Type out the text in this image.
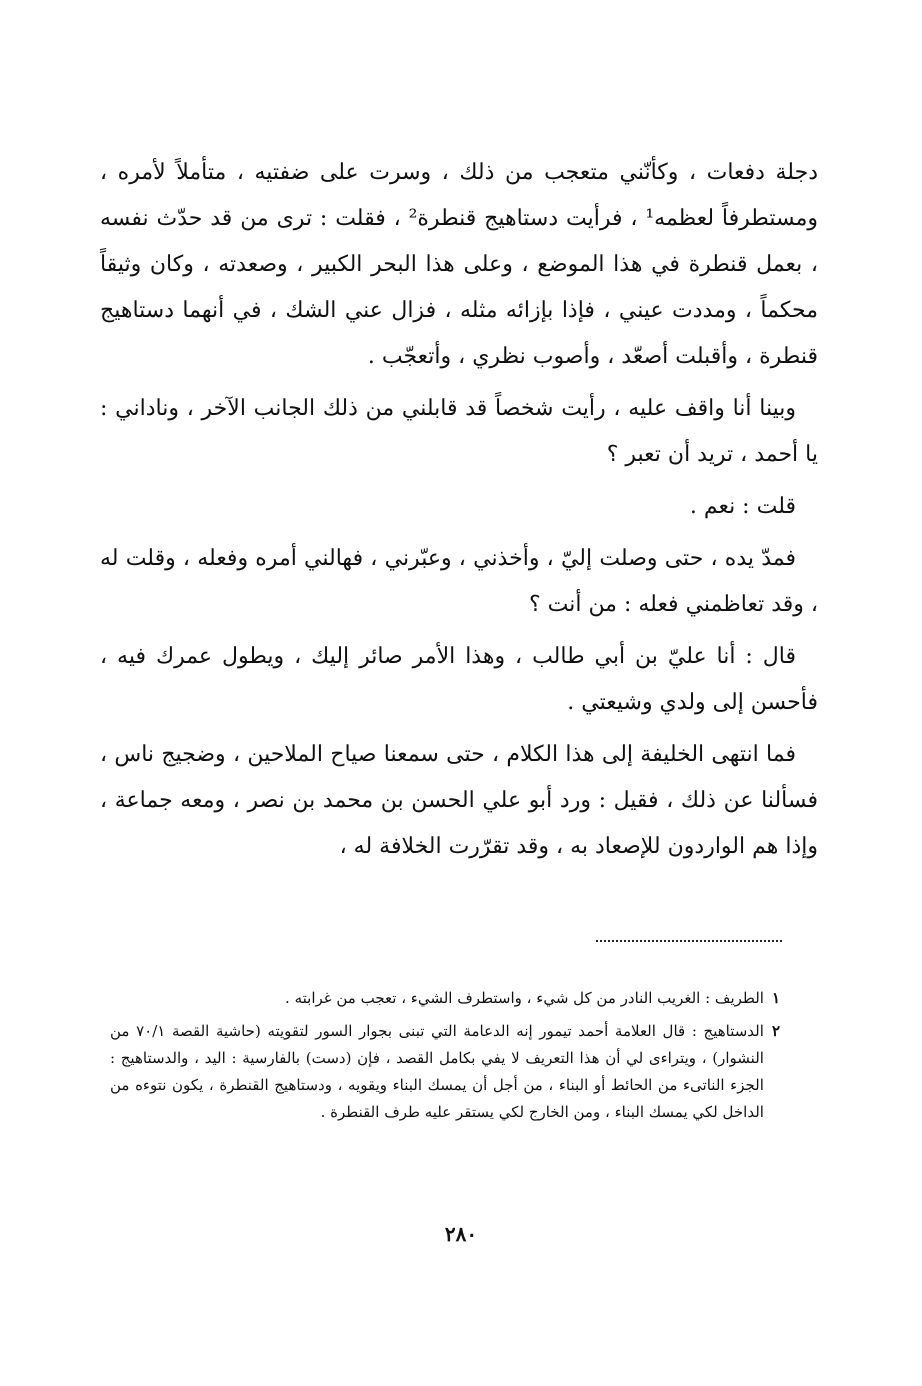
دجلة دفعات ، وكأنّني متعجب من ذلك ، وسرت على ضفتيه ، متأملاً لأمره ، ومستطرفاً لعظمه¹ ، فرأيت دستاهيج قنطرة² ، فقلت : ترى من قد حدّث نفسه ، بعمل قنطرة في هذا الموضع ، وعلى هذا البحر الكبير ، وصعدته ، وكان وثيقاً محكماً ، ومددت عيني ، فإذا بإزائه مثله ، فزال عني الشك ، في أنهما دستاهيج قنطرة ، وأقبلت أصعّد ، وأصوب نظري ، وأتعجّب .

وبينا أنا واقف عليه ، رأيت شخصاً قد قابلني من ذلك الجانب الآخر ، وناداني : يا أحمد ، تريد أن تعبر ؟

قلت : نعم .

فمدّ يده ، حتى وصلت إليّ ، وأخذني ، وعبّرني ، فهالني أمره وفعله ، وقلت له ، وقد تعاظمني فعله : من أنت ؟

قال : أنا عليّ بن أبي طالب ، وهذا الأمر صائر إليك ، ويطول عمرك فيه ، فأحسن إلى ولدي وشيعتي .

فما انتهى الخليفة إلى هذا الكلام ، حتى سمعنا صياح الملاحين ، وضجيج ناس ، فسألنا عن ذلك ، فقيل : ورد أبو علي الحسن بن محمد بن نصر ، ومعه جماعة ، وإذا هم الواردون للإصعاد به ، وقد تقرّرت الخلافة له ،

١
الطريف : الغريب النادر من كل شيء ، واستطرف الشيء ، تعجب من غرابته .
٢
الدستاهيج : قال العلامة أحمد تيمور إنه الدعامة التي تبنى بجوار السور لتقويته (حاشية القصة ٧٠/١ من النشوار) ، ويتراءى لي أن هذا التعريف لا يفي بكامل القصد ، فإن (دست) بالفارسية : اليد ، والدستاهيج : الجزء الناتىء من الحائط أو البناء ، من أجل أن يمسك البناء ويقويه ، ودستاهيج القنطرة ، يكون نتوءه من الداخل لكي يمسك البناء ، ومن الخارج لكي يستقر عليه طرف القنطرة .
٢٨٠
